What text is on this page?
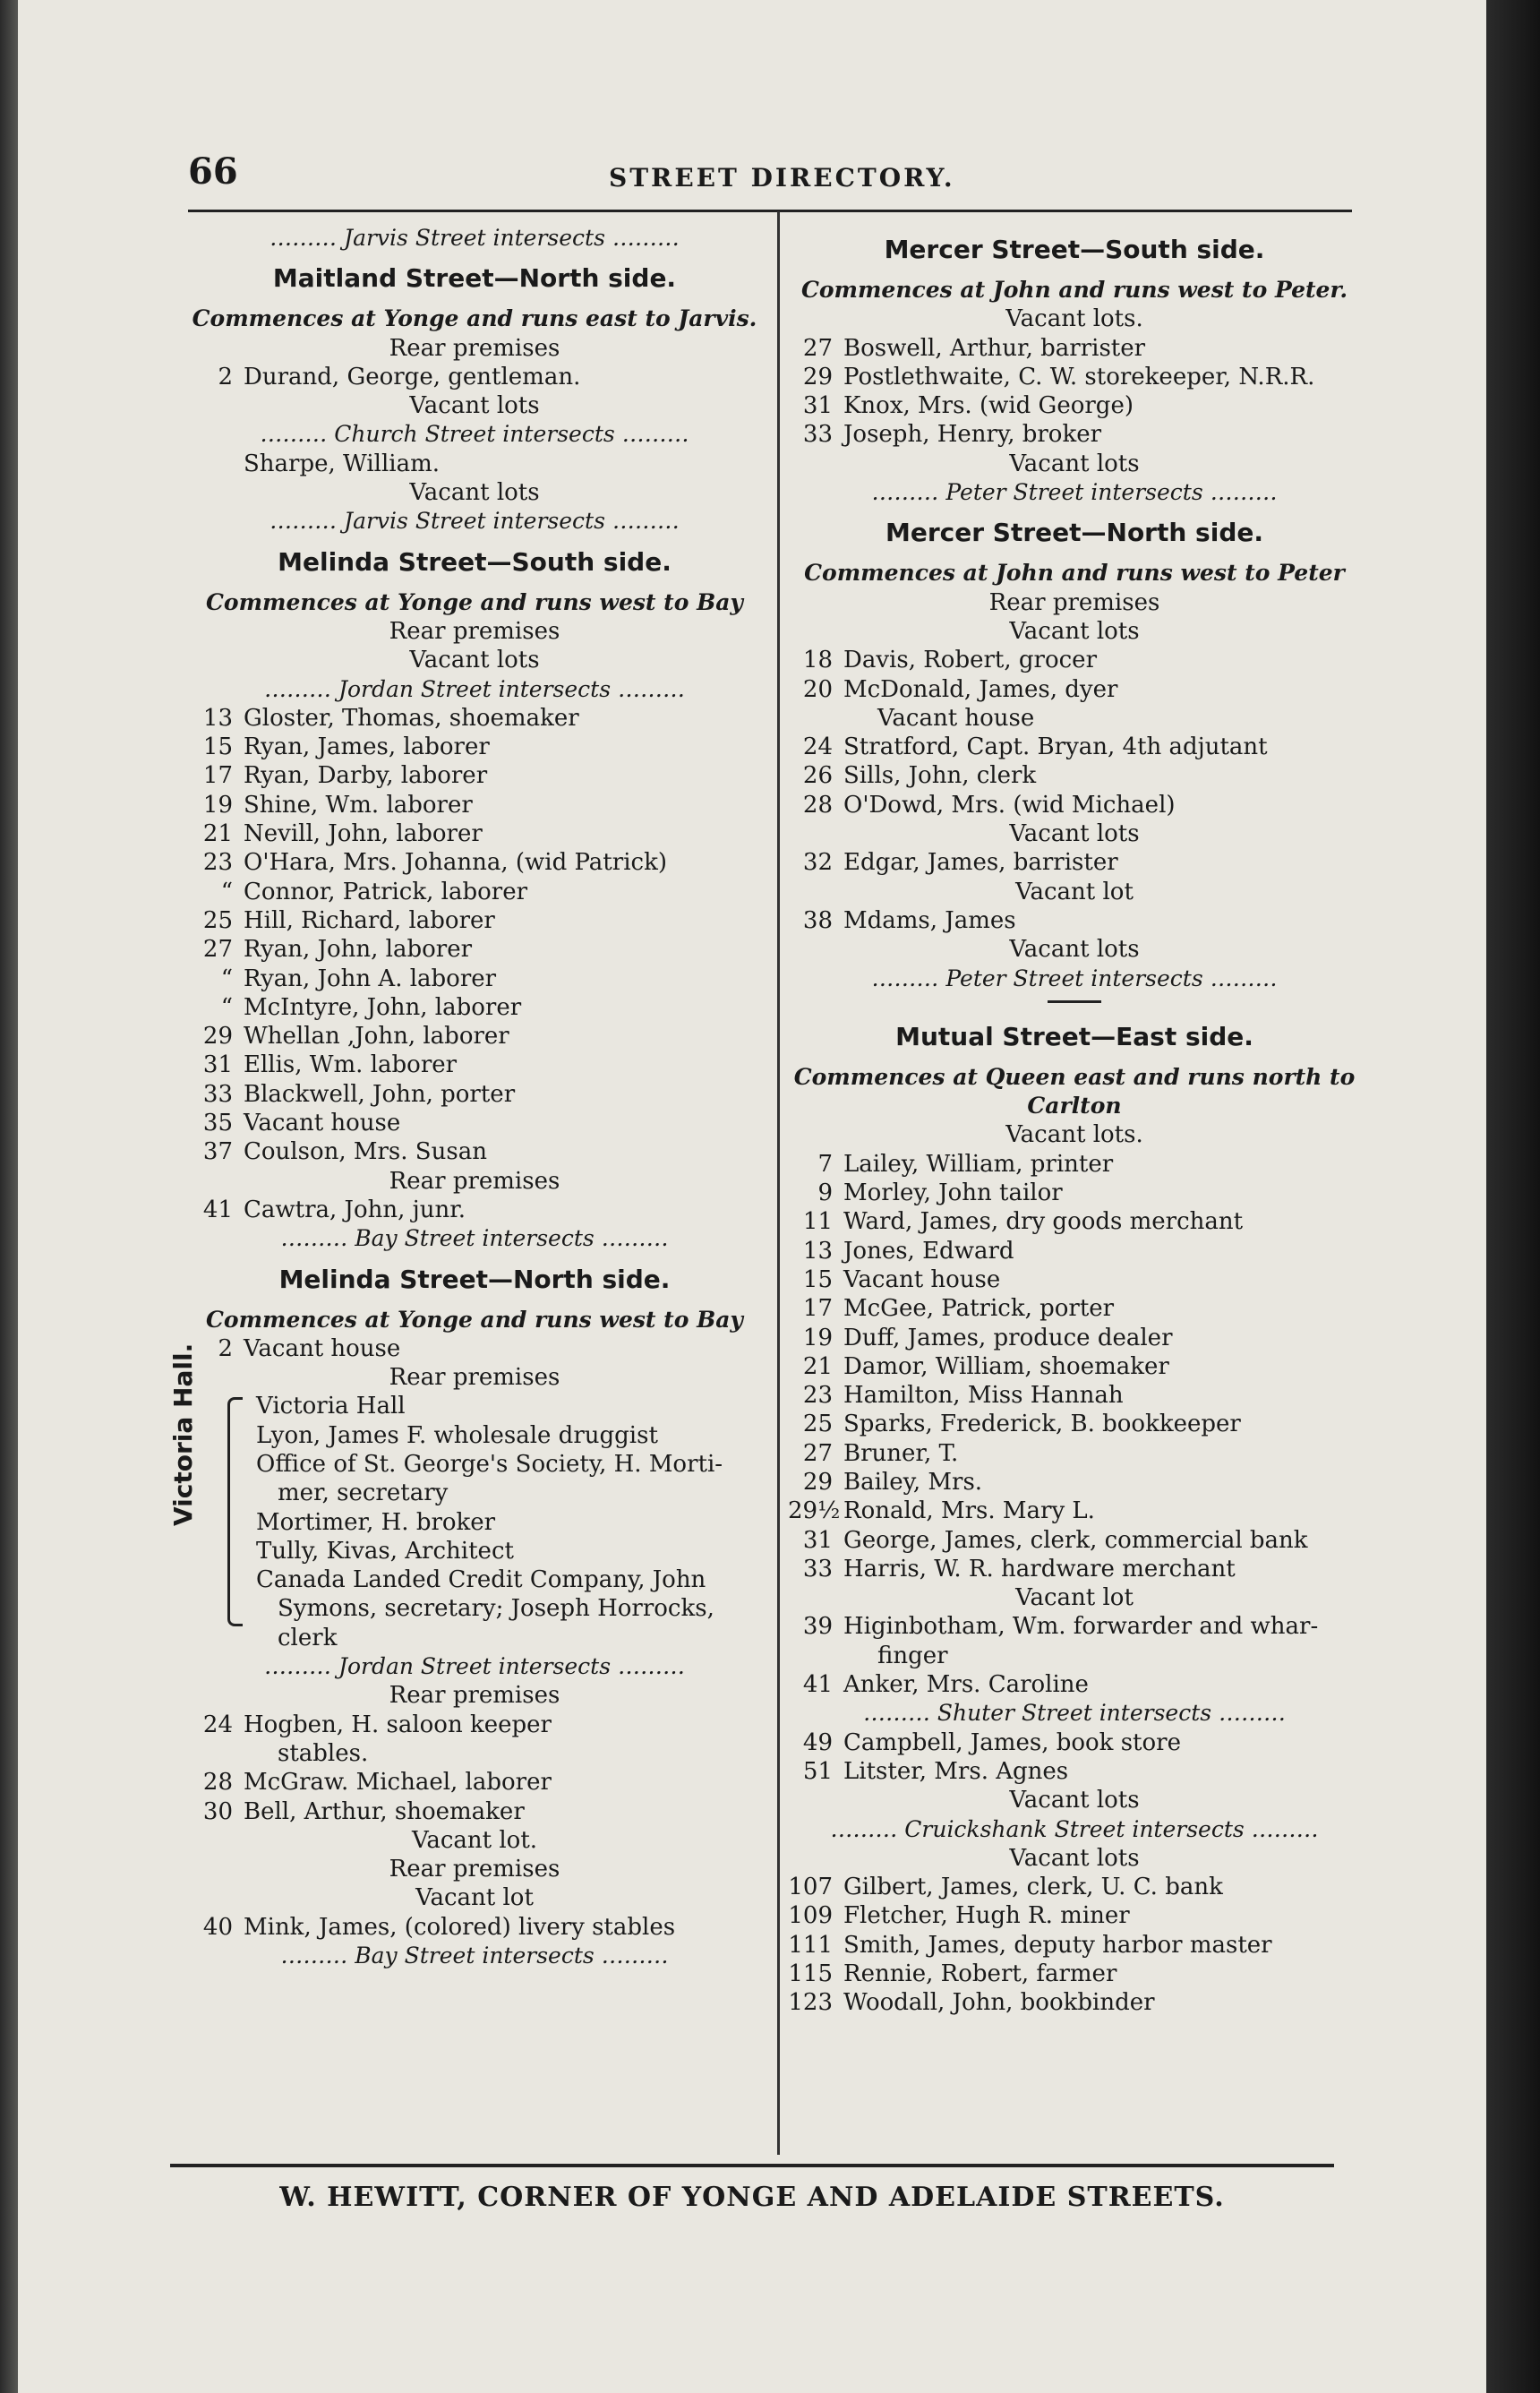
66	STREET DIRECTORY.
……… Jarvis Street intersects ………
Maitland Street—North side.
Commences at Yonge and runs east to Jarvis.
Rear premises
2 Durand, George, gentleman.
Vacant lots
……… Church Street intersects ………
Sharpe, William.
Vacant lots
……… Jarvis Street intersects ………
Melinda Street—South side.
Commences at Yonge and runs west to Bay
Rear premises
Vacant lots
……… Jordan Street intersects ………
13 Gloster, Thomas, shoemaker
15 Ryan, James, laborer
17 Ryan, Darby, laborer
19 Shine, Wm. laborer
21 Nevill, John, laborer
23 O'Hara, Mrs. Johanna, (wid Patrick)
“ Connor, Patrick, laborer
25 Hill, Richard, laborer
27 Ryan, John, laborer
“ Ryan, John A. laborer
“ McIntyre, John, laborer
29 Whellan ,John, laborer
31 Ellis, Wm. laborer
33 Blackwell, John, porter
35 Vacant house
37 Coulson, Mrs. Susan
Rear premises
41 Cawtra, John, junr.
……… Bay Street intersects ………
Melinda Street—North side.
Commences at Yonge and runs west to Bay
2 Vacant house
Rear premises
Victoria Hall.	Victoria Hall
Lyon, James F. wholesale druggist
Office of St. George's Society, H. Morti-
mer, secretary
Mortimer, H. broker
Tully, Kivas, Architect
Canada Landed Credit Company, John
Symons, secretary; Joseph Horrocks,
clerk
……… Jordan Street intersects ………
Rear premises
24 Hogben, H. saloon keeper
stables.
28 McGraw. Michael, laborer
30 Bell, Arthur, shoemaker
Vacant lot.
Rear premises
Vacant lot
40 Mink, James, (colored) livery stables
……… Bay Street intersects ………
Mercer Street—South side.
Commences at John and runs west to Peter.
Vacant lots.
27 Boswell, Arthur, barrister
29 Postlethwaite, C. W. storekeeper, N.R.R.
31 Knox, Mrs. (wid George)
33 Joseph, Henry, broker
Vacant lots
……… Peter Street intersects ………
Mercer Street—North side.
Commences at John and runs west to Peter
Rear premises
Vacant lots
18 Davis, Robert, grocer
20 McDonald, James, dyer
Vacant house
24 Stratford, Capt. Bryan, 4th adjutant
26 Sills, John, clerk
28 O'Dowd, Mrs. (wid Michael)
Vacant lots
32 Edgar, James, barrister
Vacant lot
38 Mdams, James
Vacant lots
……… Peter Street intersects ………
Mutual Street—East side.
Commences at Queen east and runs north to
Carlton
Vacant lots.
7 Lailey, William, printer
9 Morley, John tailor
11 Ward, James, dry goods merchant
13 Jones, Edward
15 Vacant house
17 McGee, Patrick, porter
19 Duff, James, produce dealer
21 Damor, William, shoemaker
23 Hamilton, Miss Hannah
25 Sparks, Frederick, B. bookkeeper
27 Bruner, T.
29 Bailey, Mrs.
29½ Ronald, Mrs. Mary L.
31 George, James, clerk, commercial bank
33 Harris, W. R. hardware merchant
Vacant lot
39 Higinbotham, Wm. forwarder and whar-
finger
41 Anker, Mrs. Caroline
……… Shuter Street intersects ………
49 Campbell, James, book store
51 Litster, Mrs. Agnes
Vacant lots
……… Cruickshank Street intersects ………
Vacant lots
107 Gilbert, James, clerk, U. C. bank
109 Fletcher, Hugh R. miner
111 Smith, James, deputy harbor master
115 Rennie, Robert, farmer
123 Woodall, John, bookbinder
W. HEWITT, CORNER OF YONGE AND ADELAIDE STREETS.
